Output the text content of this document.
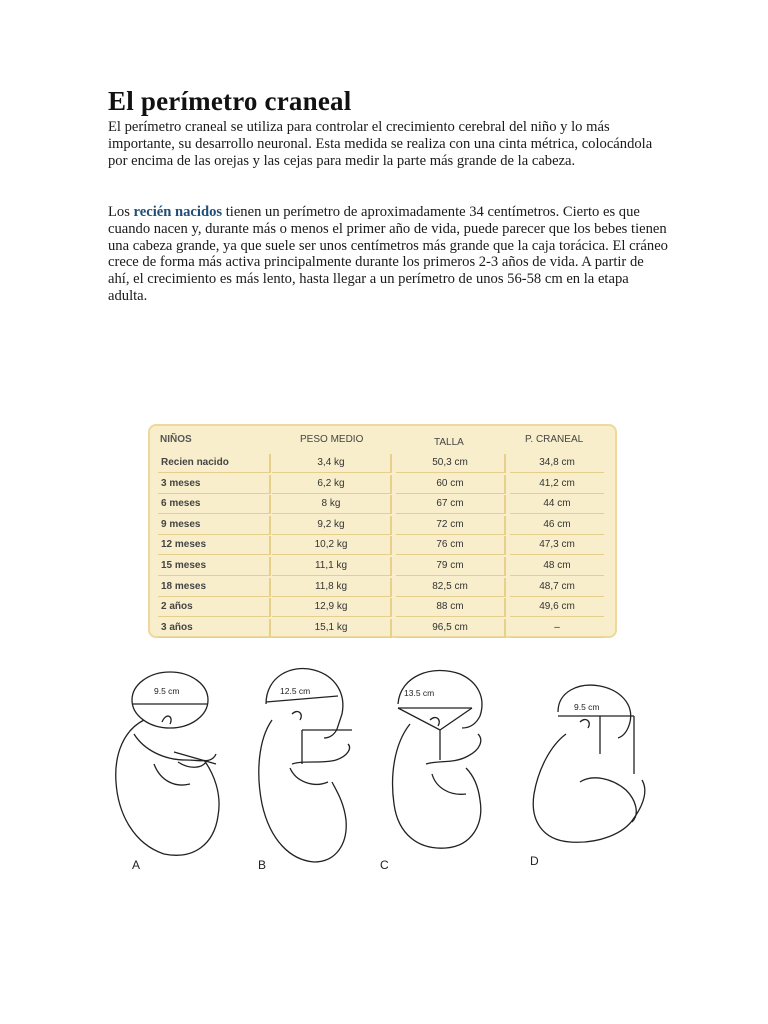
El perímetro craneal

El perímetro craneal se utiliza para controlar el crecimiento cerebral del niño y lo más importante, su desarrollo neuronal. Esta medida se realiza con una cinta métrica, colocándola por encima de las orejas y las cejas para medir la parte más grande de la cabeza.

Los recién nacidos tienen un perímetro de aproximadamente 34 centímetros. Cierto es que cuando nacen y, durante más o menos el primer año de vida, puede parecer que los bebes tienen una cabeza grande, ya que suele ser unos centímetros más grande que la caja torácica. El cráneo crece de forma más activa principalmente durante los primeros 2-3 años de vida. A partir de ahí, el crecimiento es más lento, hasta llegar a un perímetro de unos 56-58 cm en la etapa adulta.

NIÑOS	PESO MEDIO	TALLA	P. CRANEAL
Recien nacido	3,4 kg	50,3 cm	34,8 cm
3 meses	6,2 kg	60 cm	41,2 cm
6 meses	8 kg	67 cm	44 cm
9 meses	9,2 kg	72 cm	46 cm
12 meses	10,2 kg	76 cm	47,3 cm
15 meses	11,1 kg	79 cm	48 cm
18 meses	11,8 kg	82,5 cm	48,7 cm
2 años	12,9 kg	88 cm	49,6 cm
3 años	15,1 kg	96,5 cm	–
9.5 cm
A
12.5 cm
B
13.5 cm
C
9.5 cm
D
